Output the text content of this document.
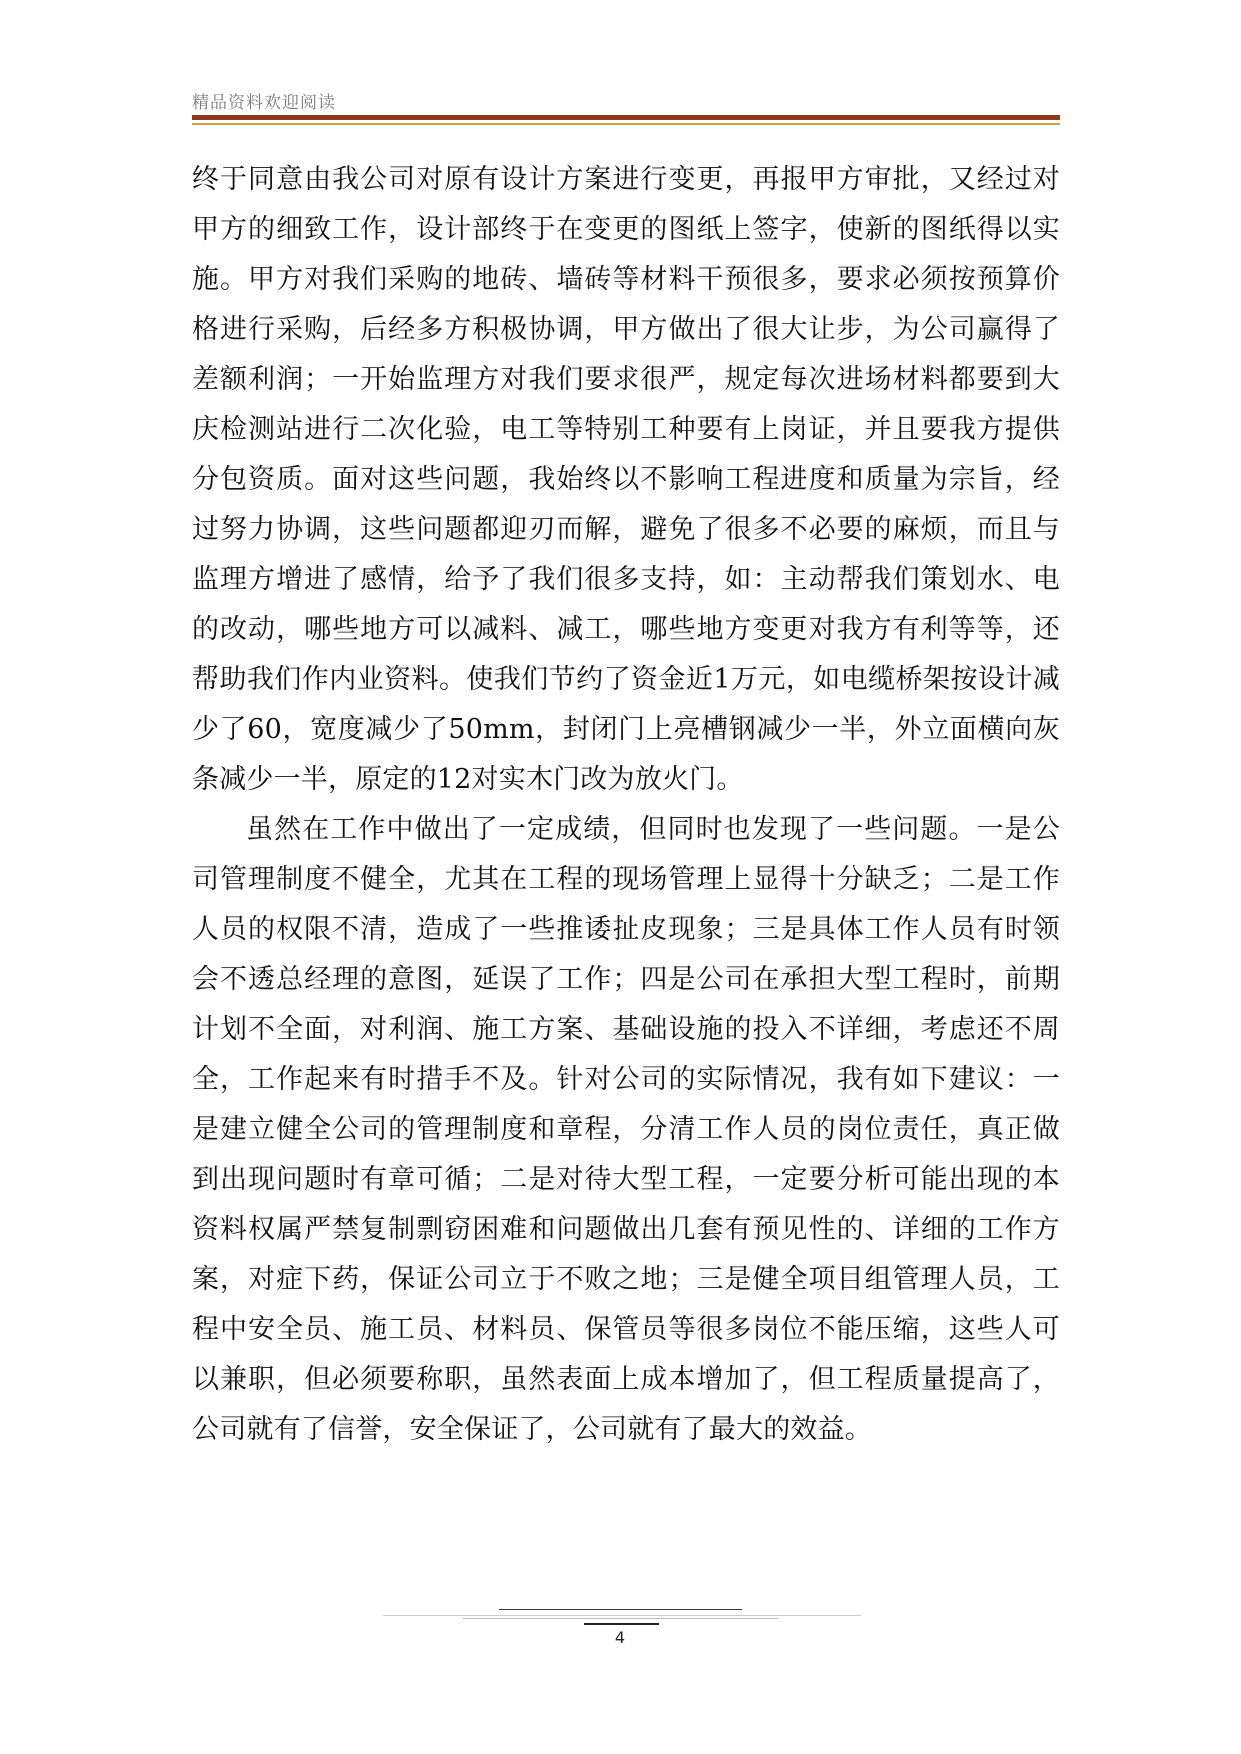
精品资料欢迎阅读

终于同意由我公司对原有设计方案进行变更，再报甲方审批，又经过对甲方的细致工作，设计部终于在变更的图纸上签字，使新的图纸得以实施。甲方对我们采购的地砖、墙砖等材料干预很多，要求必须按预算价格进行采购，后经多方积极协调，甲方做出了很大让步，为公司赢得了差额利润；一开始监理方对我们要求很严，规定每次进场材料都要到大庆检测站进行二次化验，电工等特别工种要有上岗证，并且要我方提供分包资质。面对这些问题，我始终以不影响工程进度和质量为宗旨，经过努力协调，这些问题都迎刃而解，避免了很多不必要的麻烦，而且与监理方增进了感情，给予了我们很多支持，如：主动帮我们策划水、电的改动，哪些地方可以减料、减工，哪些地方变更对我方有利等等，还帮助我们作内业资料。使我们节约了资金近1万元，如电缆桥架按设计减少了60，宽度减少了50mm，封闭门上亮槽钢减少一半，外立面横向灰条减少一半，原定的12对实木门改为放火门。

虽然在工作中做出了一定成绩，但同时也发现了一些问题。一是公司管理制度不健全，尤其在工程的现场管理上显得十分缺乏；二是工作人员的权限不清，造成了一些推诿扯皮现象；三是具体工作人员有时领会不透总经理的意图，延误了工作；四是公司在承担大型工程时，前期计划不全面，对利润、施工方案、基础设施的投入不详细，考虑还不周全，工作起来有时措手不及。针对公司的实际情况，我有如下建议：一是建立健全公司的管理制度和章程，分清工作人员的岗位责任，真正做到出现问题时有章可循；二是对待大型工程，一定要分析可能出现的本资料权属严禁复制剽窃困难和问题做出几套有预见性的、详细的工作方案，对症下药，保证公司立于不败之地；三是健全项目组管理人员，工程中安全员、施工员、材料员、保管员等很多岗位不能压缩，这些人可以兼职，但必须要称职，虽然表面上成本增加了，但工程质量提高了，公司就有了信誉，安全保证了，公司就有了最大的效益。

4
